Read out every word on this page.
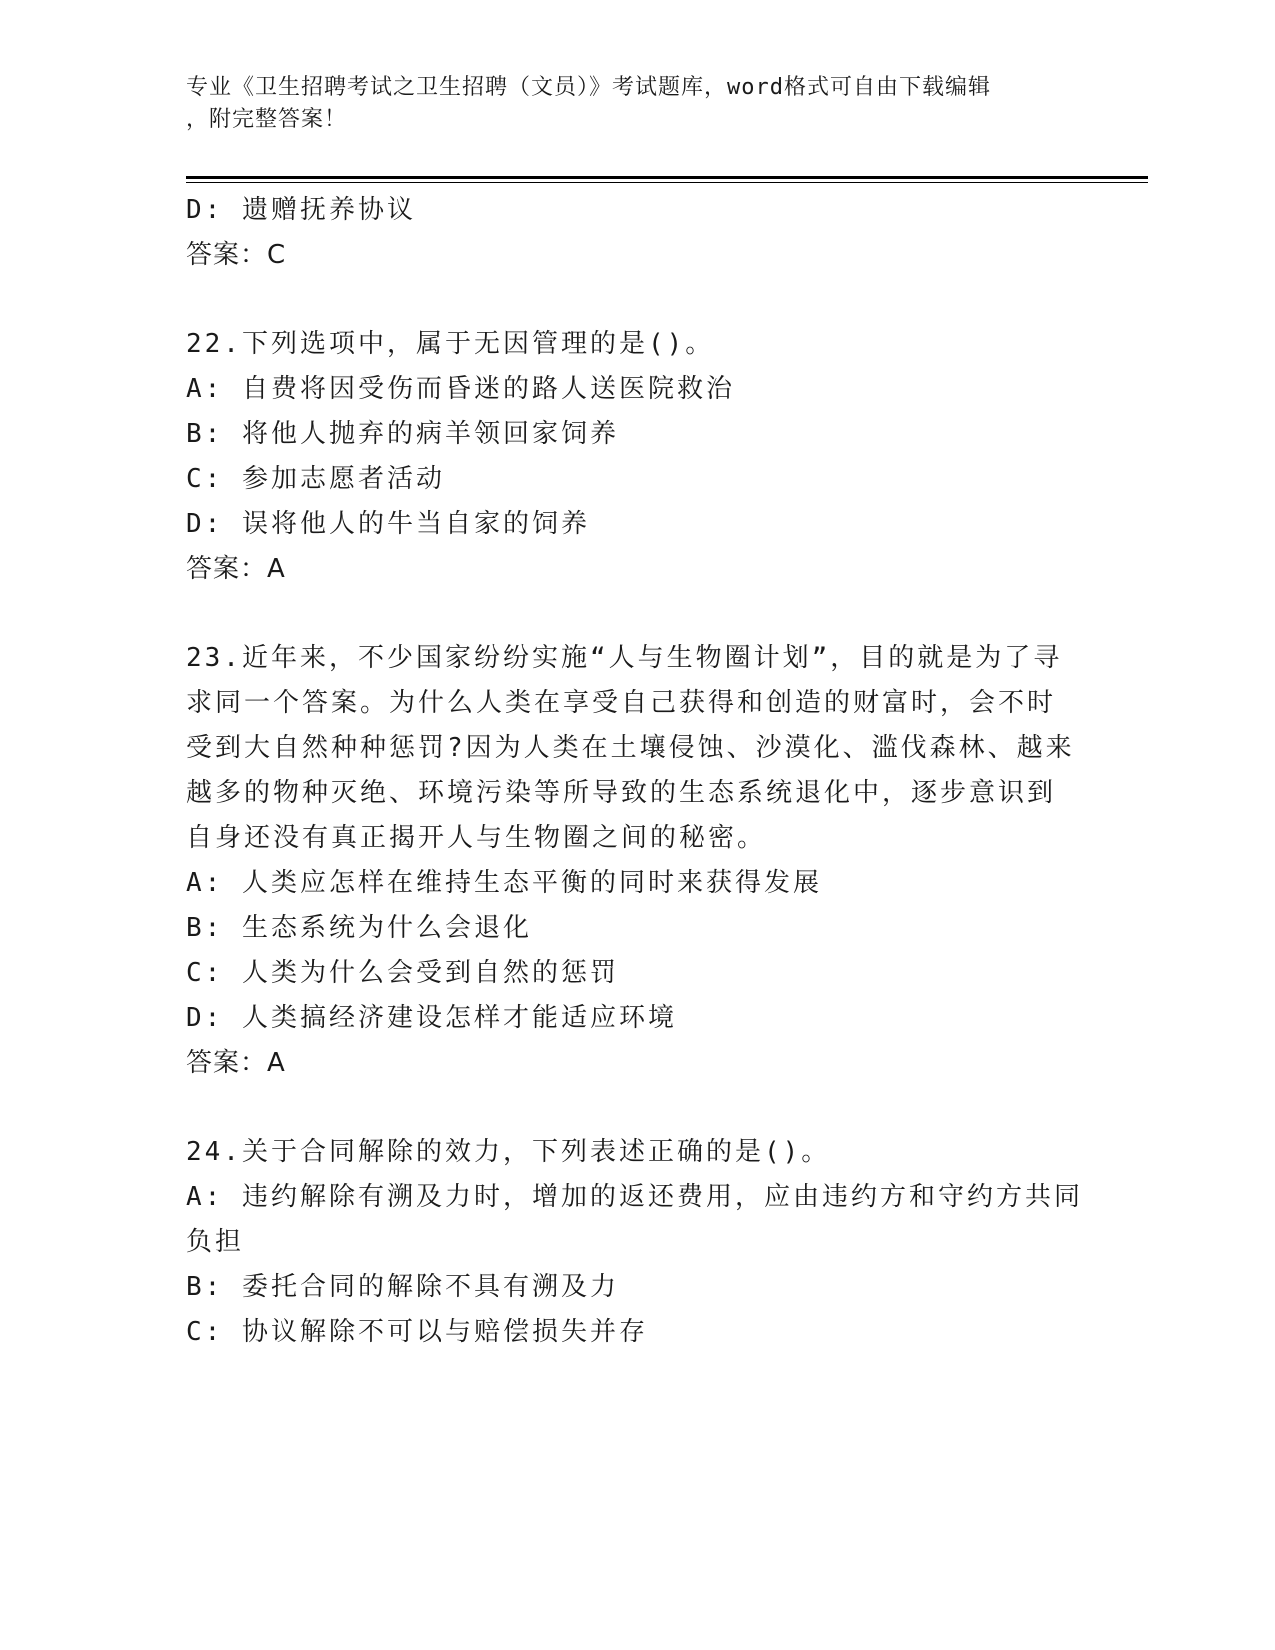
专业《卫生招聘考试之卫生招聘（文员）》考试题库，word格式可自由下载编辑
，附完整答案！
D: 遗赠抚养协议
答案：C
22.下列选项中，属于无因管理的是()。
A: 自费将因受伤而昏迷的路人送医院救治
B: 将他人抛弃的病羊领回家饲养
C: 参加志愿者活动
D: 误将他人的牛当自家的饲养
答案：A
23.近年来，不少国家纷纷实施“人与生物圈计划”，目的就是为了寻
求同一个答案。为什么人类在享受自己获得和创造的财富时，会不时
受到大自然种种惩罚?因为人类在土壤侵蚀、沙漠化、滥伐森林、越来
越多的物种灭绝、环境污染等所导致的生态系统退化中，逐步意识到
自身还没有真正揭开人与生物圈之间的秘密。
A: 人类应怎样在维持生态平衡的同时来获得发展
B: 生态系统为什么会退化
C: 人类为什么会受到自然的惩罚
D: 人类搞经济建设怎样才能适应环境
答案：A
24.关于合同解除的效力，下列表述正确的是()。
A: 违约解除有溯及力时，增加的返还费用，应由违约方和守约方共同
负担
B: 委托合同的解除不具有溯及力
C: 协议解除不可以与赔偿损失并存
